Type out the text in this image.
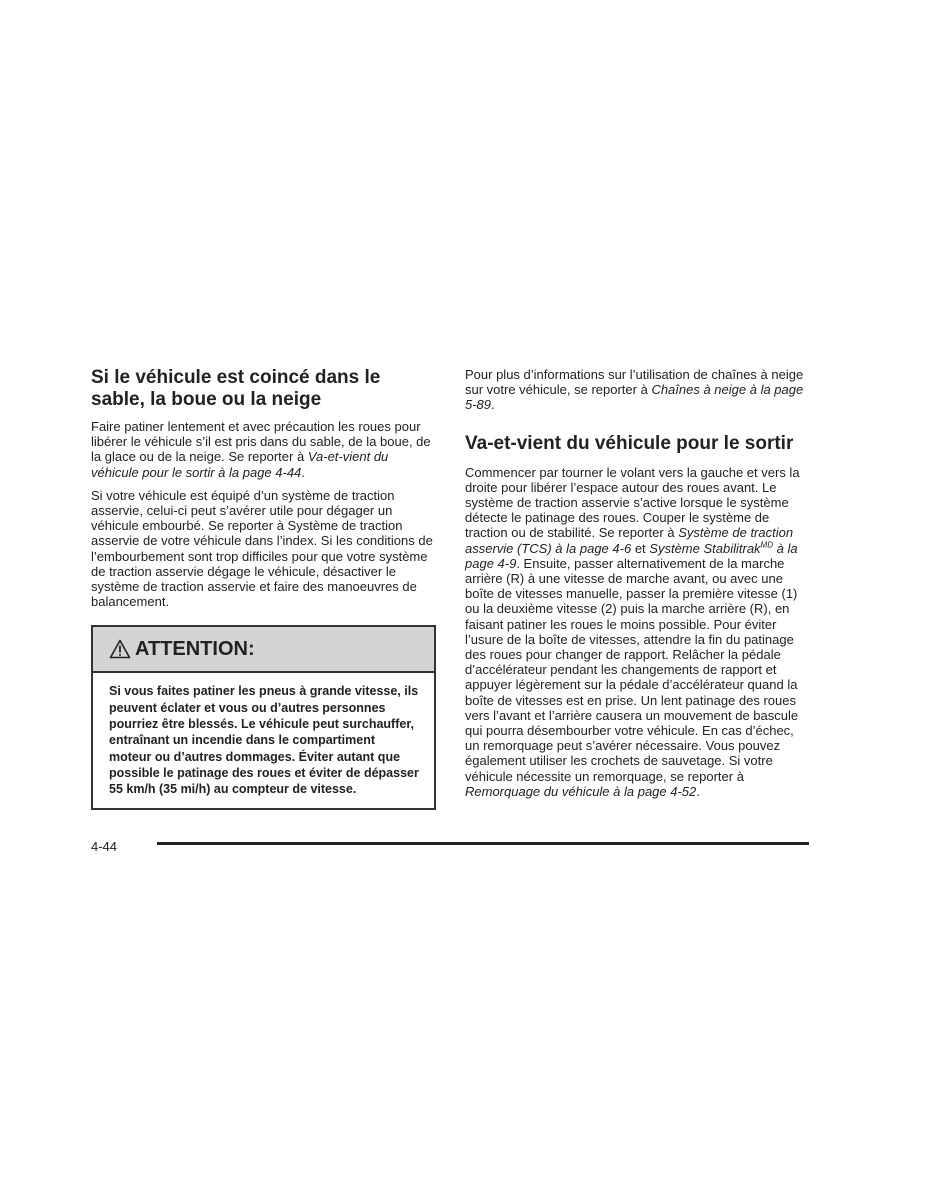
Si le véhicule est coincé dans le sable, la boue ou la neige

Faire patiner lentement et avec précaution les roues pour libérer le véhicule s’il est pris dans du sable, de la boue, de la glace ou de la neige. Se reporter à Va-et-vient du véhicule pour le sortir à la page 4-44.

Si votre véhicule est équipé d’un système de traction asservie, celui-ci peut s’avérer utile pour dégager un véhicule embourbé. Se reporter à Système de traction asservie de votre véhicule dans l’index. Si les conditions de l’embourbement sont trop difficiles pour que votre système de traction asservie dégage le véhicule, désactiver le système de traction asservie et faire des manoeuvres de balancement.

ATTENTION:
Si vous faites patiner les pneus à grande vitesse, ils peuvent éclater et vous ou d’autres personnes pourriez être blessés. Le véhicule peut surchauffer, entraînant un incendie dans le compartiment moteur ou d’autres dommages. Éviter autant que possible le patinage des roues et éviter de dépasser 55 km/h (35 mi/h) au compteur de vitesse.

Pour plus d’informations sur l’utilisation de chaînes à neige sur votre véhicule, se reporter à Chaînes à neige à la page 5-89.

Va-et-vient du véhicule pour le sortir

Commencer par tourner le volant vers la gauche et vers la droite pour libérer l’espace autour des roues avant. Le système de traction asservie s’active lorsque le système détecte le patinage des roues. Couper le système de traction ou de stabilité. Se reporter à Système de traction asservie (TCS) à la page 4-6 et Système Stabilitrak$^{MD}$ à la page 4-9. Ensuite, passer alternativement de la marche arrière (R) à une vitesse de marche avant, ou avec une boîte de vitesses manuelle, passer la première vitesse (1) ou la deuxième vitesse (2) puis la marche arrière (R), en faisant patiner les roues le moins possible. Pour éviter l’usure de la boîte de vitesses, attendre la fin du patinage des roues pour changer de rapport. Relâcher la pédale d’accélérateur pendant les changements de rapport et appuyer légèrement sur la pédale d’accélérateur quand la boîte de vitesses est en prise. Un lent patinage des roues vers l’avant et l’arrière causera un mouvement de bascule qui pourra désembourber votre véhicule. En cas d’échec, un remorquage peut s’avérer nécessaire. Vous pouvez également utiliser les crochets de sauvetage. Si votre véhicule nécessite un remorquage, se reporter à Remorquage du véhicule à la page 4-52.

4-44
